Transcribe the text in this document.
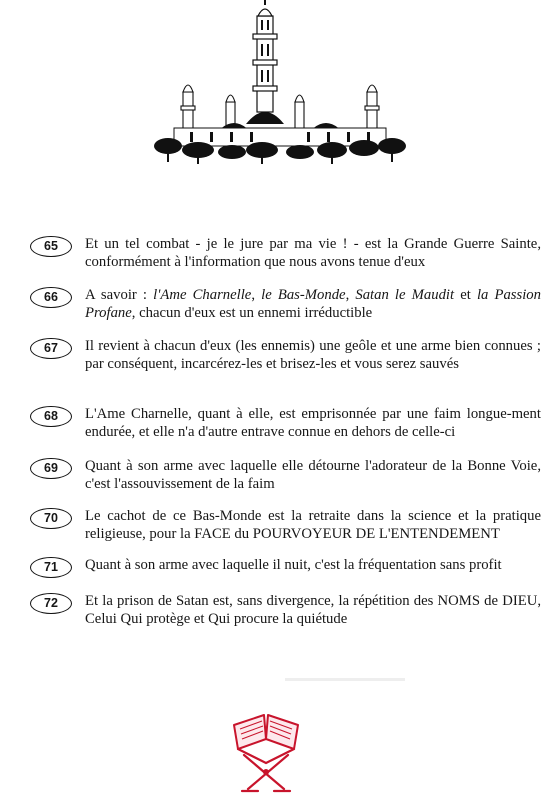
65	Et un tel combat - je le jure par ma vie ! - est la Grande Guerre Sainte, conformément à l'information que nous avons tenue d'eux
66	A savoir : l'Ame Charnelle, le Bas-Monde, Satan le Maudit et la Passion Profane, chacun d'eux est un ennemi irréductible
67	Il revient à chacun d'eux (les ennemis) une geôle et une arme bien connues ; par conséquent, incarcérez-les et brisez-les et vous serez sauvés
68	L'Ame Charnelle, quant à elle, est emprisonnée par une faim longue-ment endurée, et elle n'a d'autre entrave connue en dehors de celle-ci
69	Quant à son arme avec laquelle elle détourne l'adorateur de la Bonne Voie, c'est l'assouvissement de la faim
70	Le cachot de ce Bas-Monde est la retraite dans la science et la pratique religieuse, pour la FACE du POURVOYEUR DE L'ENTENDEMENT
71	Quant à son arme avec laquelle il nuit, c'est la fréquentation sans profit
72	Et la prison de Satan est, sans divergence, la répétition des NOMS de DIEU, Celui Qui protège et Qui procure la quiétude
